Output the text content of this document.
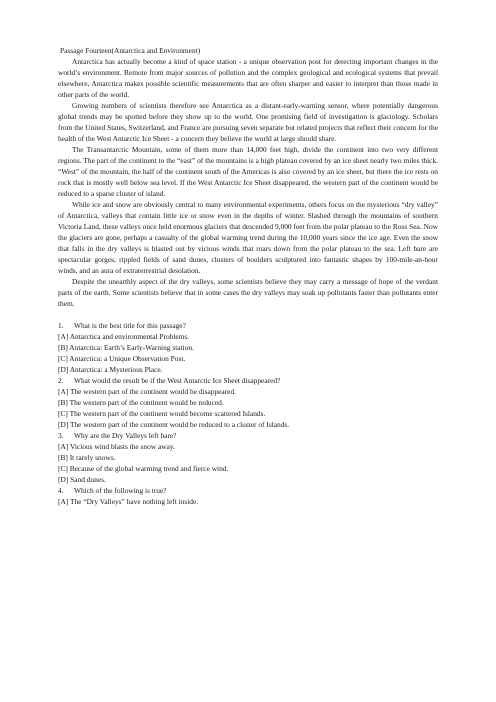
Passage Fourteen(Antarctica and Environment)

Antarctica has actually become a kind of space station - a unique observation post for detecting important changes in the world’s environment. Remote from major sources of pollution and the complex geological and ecological systems that prevail elsewhere, Antarctica makes possible scientific measurements that are often sharper and easier to interpret than those made in other parts of the world.

Growing numbers of scientists therefore see Antarctica as a distant-early-warning sensor, where potentially dangerous global trends may be spotted before they show up to the world. One promising field of investigation is glaciology. Scholars from the United States, Switzerland, and France are pursuing seven separate but related projects that reflect their concern for the health of the West Antarctic Ice Sheet - a concern they believe the world at large should share.

The Transantarctic Mountain, some of them more than 14,000 feet high, divide the continent into two very different regions. The part of the continent to the “east” of the mountains is a high plateau covered by an ice sheet nearly two miles thick. “West” of the mountain, the half of the continent south of the Americas is also covered by an ice sheet, but there the ice rests on rock that is mostly well below sea level. If the West Antarctic Ice Sheet disappeared, the western part of the continent would be reduced to a sparse cluster of island.

While ice and snow are obviously central to many environmental experiments, others focus on the mysterious “dry valley” of Antarctica, valleys that contain little ice or snow even in the depths of winter. Slashed through the mountains of southern Victoria Land, these valleys once held enormous glaciers that descended 9,000 feet from the polar plateau to the Ross Sea. Now the glaciers are gone, perhaps a casualty of the global warming trend during the 10,000 years since the ice age. Even the snow that falls in the dry valleys is blasted out by vicious winds that roars down from the polar plateau to the sea. Left bare are spectacular gorges, rippled fields of sand dunes, clusters of boulders sculptured into fantastic shapes by 100-mile-an-hour winds, and an aura of extraterrestrial desolation.

Despite the unearthly aspect of the dry valleys, some scientists believe they may carry a message of hope of the verdant parts of the earth. Some scientists believe that in some cases the dry valleys may soak up pollutants faster than pollutants enter them.

1. What is the best title for this passage?

[A] Antarctica and environmental Problems.

[B] Antarctica: Earth’s Early-Warning station.

[C] Antarctica: a Unique Observation Post.

[D] Antarctica: a Mysterious Place.

2. What would the result be if the West Antarctic Ice Sheet disappeared?

[A] The western part of the continent would be disappeared.

[B] The western part of the continent would be reduced.

[C] The western part of the continent would become scattered Islands.

[D] The western part of the continent would be reduced to a cluster of Islands.

3. Why are the Dry Valleys left bare?

[A] Vicious wind blasts the snow away.

[B] It rarely snows.

[C] Because of the global warming trend and fierce wind.

[D] Sand dunes.

4. Which of the following is true?

[A] The “Dry Valleys” have nothing left inside.
